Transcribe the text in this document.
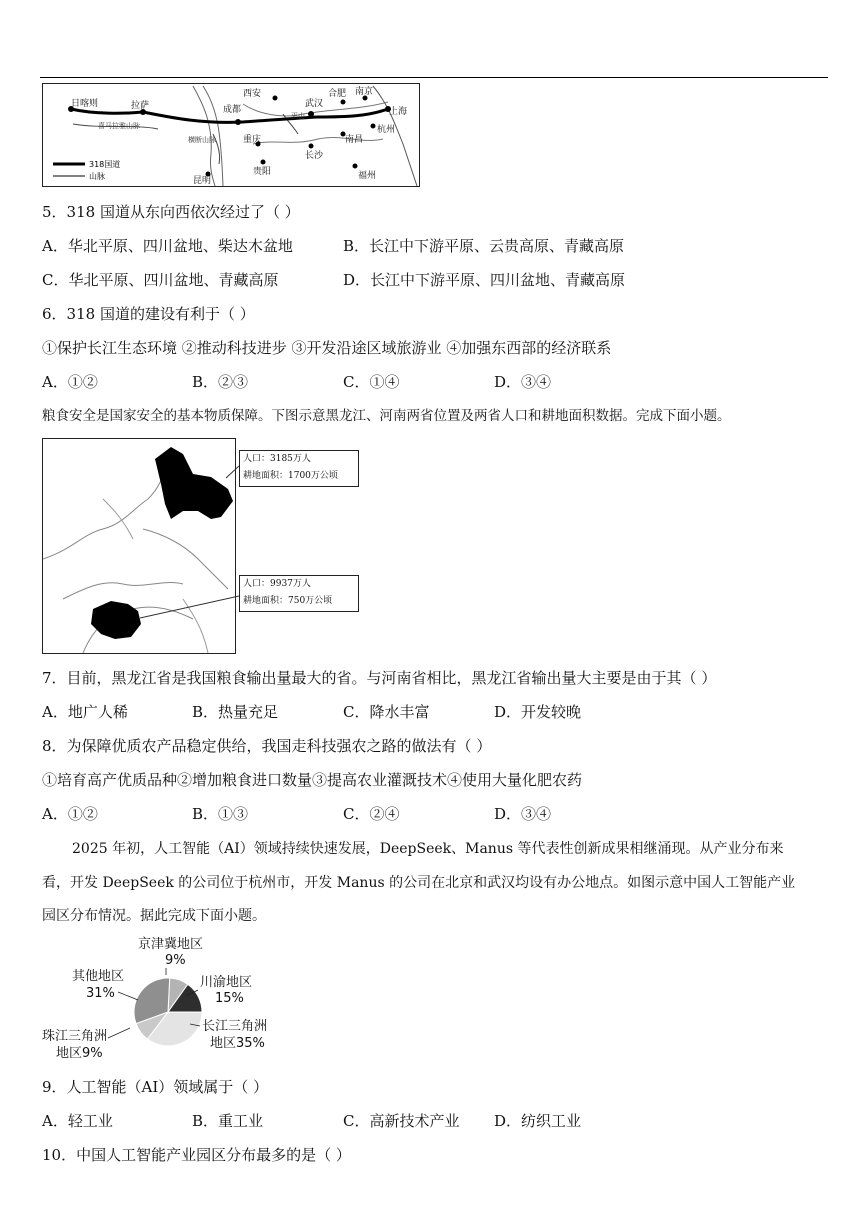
日喀则	拉萨	成都
西安
武汉
合肥 南京
上海
杭州
南昌
长沙
重庆
贵阳
昆明	福州
喜马拉雅山脉
横断山脉
巫山
318国道
山脉
5．318 国道从东向西依次经过了（ ）
A．华北平原、四川盆地、柴达木盆地	B．长江中下游平原、云贵高原、青藏高原
C．华北平原、四川盆地、青藏高原	D．长江中下游平原、四川盆地、青藏高原
6．318 国道的建设有利于（ ）
①保护长江生态环境 ②推动科技进步 ③开发沿途区域旅游业 ④加强东西部的经济联系
A．①②	B．②③	C．①④	D．③④
粮食安全是国家安全的基本物质保障。下图示意黑龙江、河南两省位置及两省人口和耕地面积数据。完成下面小题。
人口：3185万人
耕地面积：1700万公顷
人口：9937万人
耕地面积：750万公顷
7．目前，黑龙江省是我国粮食输出量最大的省。与河南省相比，黑龙江省输出量大主要是由于其（ ）
A．地广人稀	B．热量充足	C．降水丰富	D．开发较晚
8．为保障优质农产品稳定供给，我国走科技强农之路的做法有（ ）
①培育高产优质品种②增加粮食进口数量③提高农业灌溉技术④使用大量化肥农药
A．①②	B．①③	C．②④	D．③④
2025 年初，人工智能（AI）领域持续快速发展，DeepSeek、Manus 等代表性创新成果相继涌现。从产业分布来
看，开发 DeepSeek 的公司位于杭州市，开发 Manus 的公司在北京和武汉均设有办公地点。如图示意中国人工智能产业
园区分布情况。据此完成下面小题。
京津冀地区
9%
川渝地区
15%
长江三角洲
地区35%
珠江三角洲
地区9%
其他地区
31%
9．人工智能（AI）领域属于（ ）
A．轻工业	B．重工业	C．高新技术产业 D．纺织工业
10．中国人工智能产业园区分布最多的是（ ）
